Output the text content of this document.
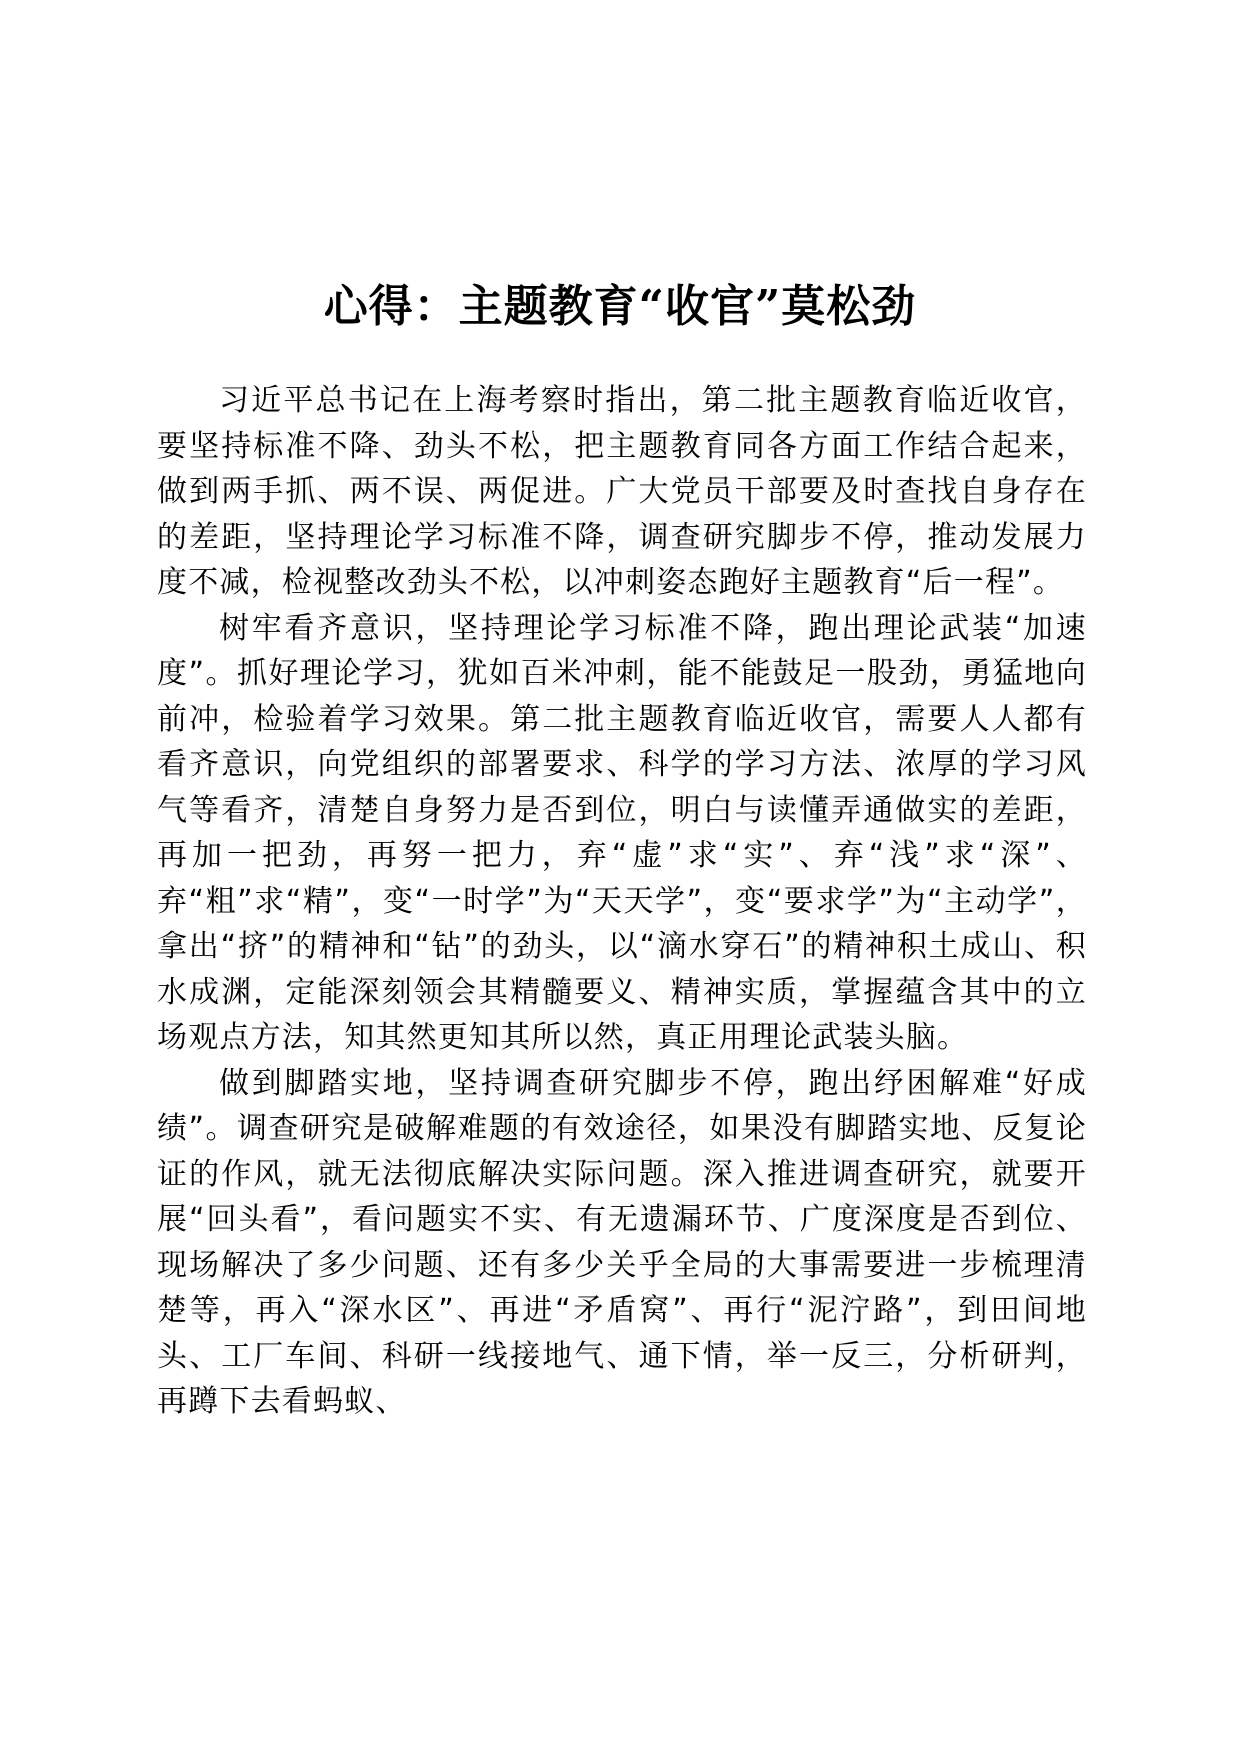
心得：主题教育“收官”莫松劲

习近平总书记在上海考察时指出，第二批主题教育临近收官，要坚持标准不降、劲头不松，把主题教育同各方面工作结合起来，做到两手抓、两不误、两促进。广大党员干部要及时查找自身存在的差距，坚持理论学习标准不降，调查研究脚步不停，推动发展力度不减，检视整改劲头不松，以冲刺姿态跑好主题教育“后一程”。

树牢看齐意识，坚持理论学习标准不降，跑出理论武装“加速度”。抓好理论学习，犹如百米冲刺，能不能鼓足一股劲，勇猛地向前冲，检验着学习效果。第二批主题教育临近收官，需要人人都有看齐意识，向党组织的部署要求、科学的学习方法、浓厚的学习风气等看齐，清楚自身努力是否到位，明白与读懂弄通做实的差距，再加一把劲，再努一把力，弃“虚”求“实”、弃“浅”求“深”、弃“粗”求“精”，变“一时学”为“天天学”，变“要求学”为“主动学”，拿出“挤”的精神和“钻”的劲头，以“滴水穿石”的精神积土成山、积水成渊，定能深刻领会其精髓要义、精神实质，掌握蕴含其中的立场观点方法，知其然更知其所以然，真正用理论武装头脑。

做到脚踏实地，坚持调查研究脚步不停，跑出纾困解难“好成绩”。调查研究是破解难题的有效途径，如果没有脚踏实地、反复论证的作风，就无法彻底解决实际问题。深入推进调查研究，就要开展“回头看”，看问题实不实、有无遗漏环节、广度深度是否到位、现场解决了多少问题、还有多少关乎全局的大事需要进一步梳理清楚等，再入“深水区”、再进“矛盾窝”、再行“泥泞路”，到田间地头、工厂车间、科研一线接地气、通下情，举一反三，分析研判，再蹲下去看蚂蚁、
